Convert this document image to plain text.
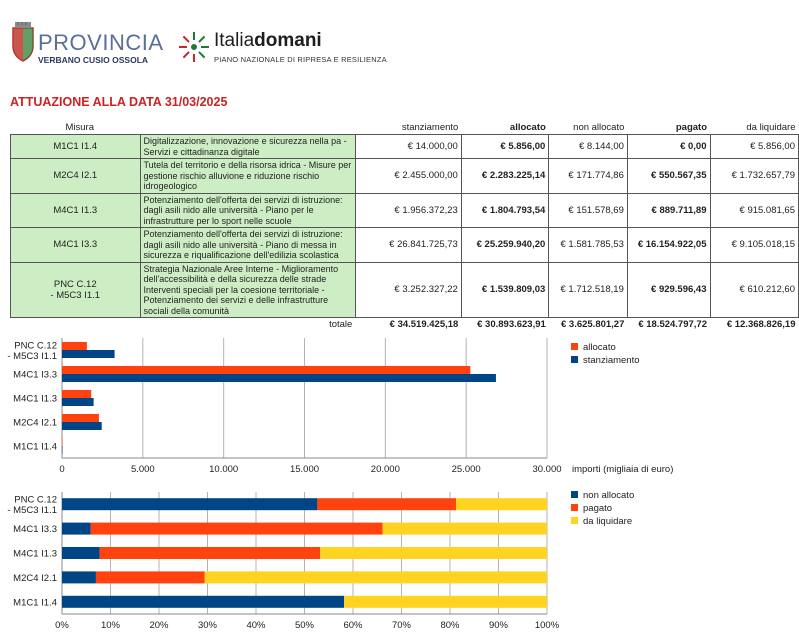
PROVINCIA
VERBANO CUSIO OSSOLA
Italiadomani
PIANO NAZIONALE DI RIPRESA E RESILIENZA
ATTUAZIONE ALLA DATA 31/03/2025
Misura		stanziamento	allocato	non allocato	pagato	da liquidare
M1C1 I1.4	Digitalizzazione, innovazione e sicurezza nella pa - Servizi e cittadinanza digitale	€ 14.000,00	€ 5.856,00	€ 8.144,00	€ 0,00	€ 5.856,00
M2C4 I2.1	Tutela del territorio e della risorsa idrica - Misure per gestione rischio alluvione e riduzione rischio idrogeologico	€ 2.455.000,00	€ 2.283.225,14	€ 171.774,86	€ 550.567,35	€ 1.732.657,79
M4C1 I1.3	Potenziamento dell'offerta dei servizi di istruzione: dagli asili nido alle università - Piano per le infrastrutture per lo sport nelle scuole	€ 1.956.372,23	€ 1.804.793,54	€ 151.578,69	€ 889.711,89	€ 915.081,65
M4C1 I3.3	Potenziamento dell'offerta dei servizi di istruzione: dagli asili nido alle università - Piano di messa in sicurezza e riqualificazione dell'edilizia scolastica	€ 26.841.725,73	€ 25.259.940,20	€ 1.581.785,53	€ 16.154.922,05	€ 9.105.018,15
PNC C.12
- M5C3 I1.1	Strategia Nazionale Aree Interne - Miglioramento dell'accessibilità e della sicurezza delle strade Interventi speciali per la coesione territoriale - Potenziamento dei servizi e delle infrastrutture sociali della comunità	€ 3.252.327,22	€ 1.539.809,03	€ 1.712.518,19	€ 929.596,43	€ 610.212,60
	totale	€ 34.519.425,18	€ 30.893.623,91	€ 3.625.801,27	€ 18.524.797,72	€ 12.368.826,19
0	5.000	10.000	15.000	20.000	25.000	30.000
PNC C.12
- M5C3 I1.1
M4C1 I3.3
M4C1 I1.3
M2C4 I2.1
M1C1 I1.4
importi (migliaia di euro)
allocato
stanziamento
0%	10%	20%	30%	40%	50%	60%	70%	80%	90%	100%
PNC C.12
- M5C3 I1.1
M4C1 I3.3
M4C1 I1.3
M2C4 I2.1
M1C1 I1.4
non allocato
pagato
da liquidare
